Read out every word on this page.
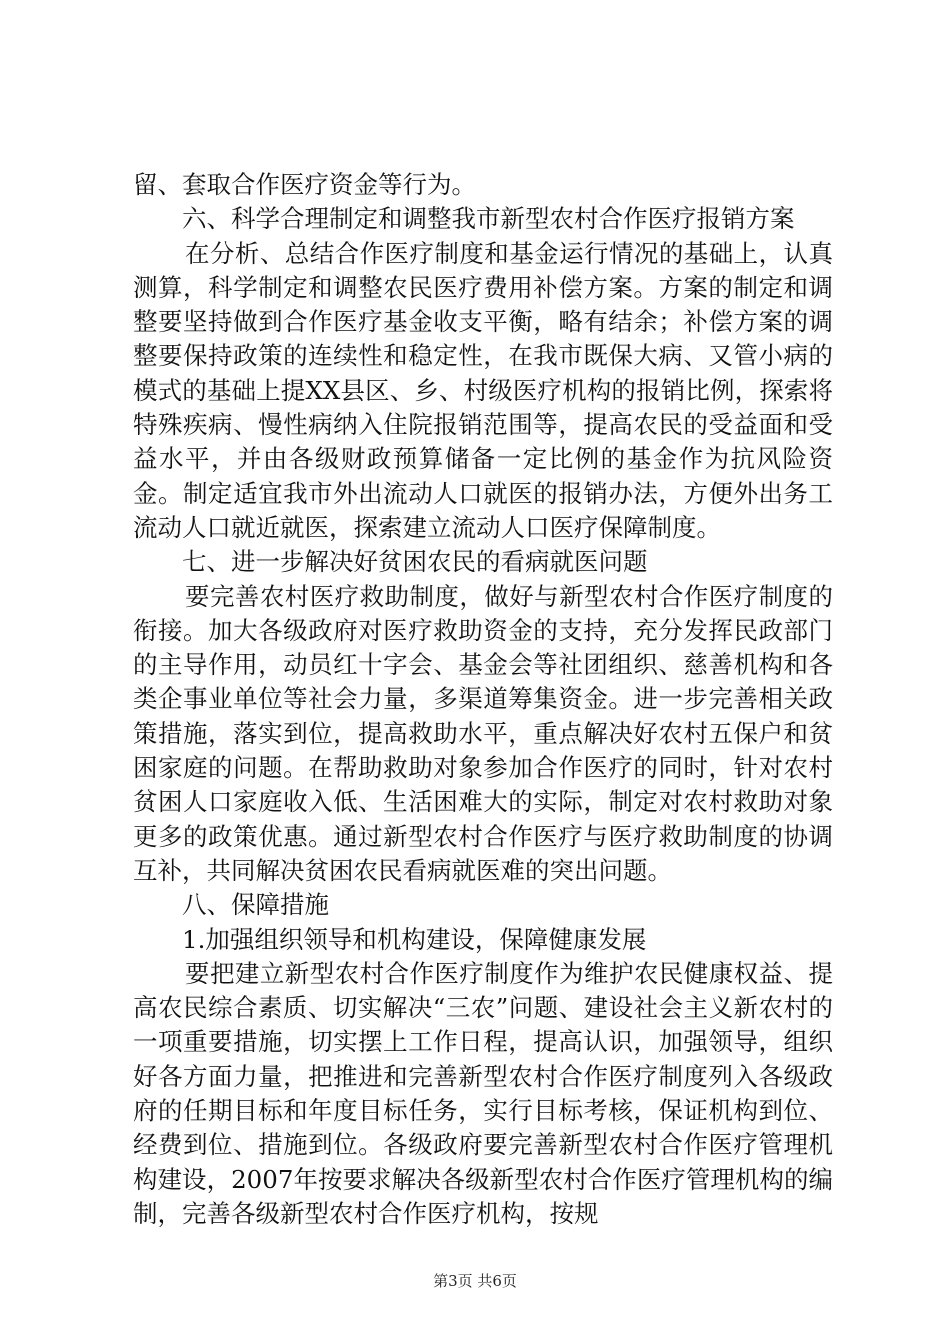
留、套取合作医疗资金等行为。

六、科学合理制定和调整我市新型农村合作医疗报销方案

在分析、总结合作医疗制度和基金运行情况的基础上，认真测算，科学制定和调整农民医疗费用补偿方案。方案的制定和调整要坚持做到合作医疗基金收支平衡，略有结余；补偿方案的调整要保持政策的连续性和稳定性，在我市既保大病、又管小病的模式的基础上提XX县区、乡、村级医疗机构的报销比例，探索将特殊疾病、慢性病纳入住院报销范围等，提高农民的受益面和受益水平，并由各级财政预算储备一定比例的基金作为抗风险资金。制定适宜我市外出流动人口就医的报销办法，方便外出务工流动人口就近就医，探索建立流动人口医疗保障制度。

七、进一步解决好贫困农民的看病就医问题

要完善农村医疗救助制度，做好与新型农村合作医疗制度的衔接。加大各级政府对医疗救助资金的支持，充分发挥民政部门的主导作用，动员红十字会、基金会等社团组织、慈善机构和各类企事业单位等社会力量，多渠道筹集资金。进一步完善相关政策措施，落实到位，提高救助水平，重点解决好农村五保户和贫困家庭的问题。在帮助救助对象参加合作医疗的同时，针对农村贫困人口家庭收入低、生活困难大的实际，制定对农村救助对象更多的政策优惠。通过新型农村合作医疗与医疗救助制度的协调互补，共同解决贫困农民看病就医难的突出问题。

八、保障措施

1.加强组织领导和机构建设，保障健康发展

要把建立新型农村合作医疗制度作为维护农民健康权益、提高农民综合素质、切实解决“三农”问题、建设社会主义新农村的一项重要措施，切实摆上工作日程，提高认识，加强领导，组织好各方面力量，把推进和完善新型农村合作医疗制度列入各级政府的任期目标和年度目标任务，实行目标考核，保证机构到位、经费到位、措施到位。各级政府要完善新型农村合作医疗管理机构建设，2007年按要求解决各级新型农村合作医疗管理机构的编制，完善各级新型农村合作医疗机构，按规

第3页 共6页
